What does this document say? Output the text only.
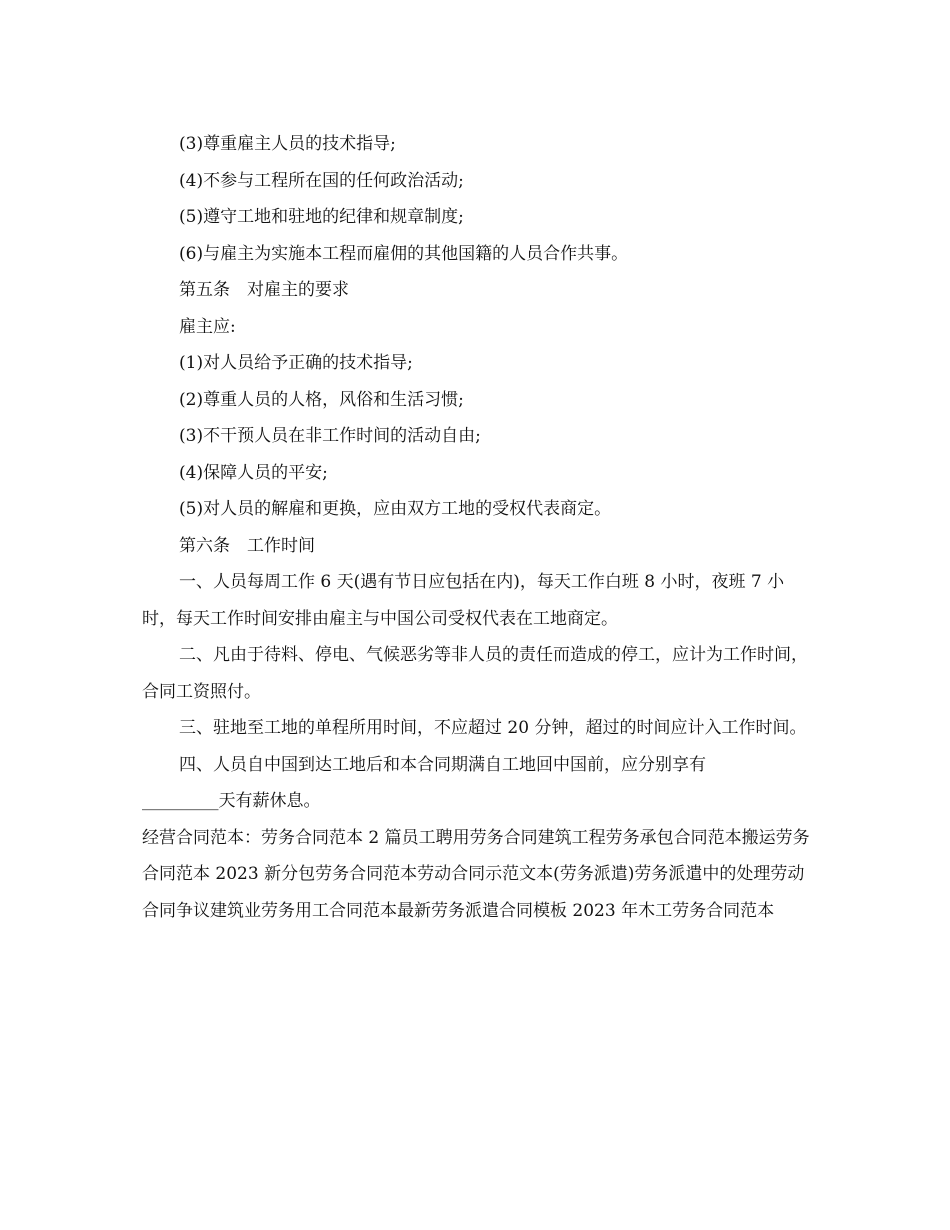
(3)尊重雇主人员的技术指导;

(4)不参与工程所在国的任何政治活动;

(5)遵守工地和驻地的纪律和规章制度;

(6)与雇主为实施本工程而雇佣的其他国籍的人员合作共事。

第五条　对雇主的要求

雇主应:

(1)对人员给予正确的技术指导;

(2)尊重人员的人格，风俗和生活习惯;

(3)不干预人员在非工作时间的活动自由;

(4)保障人员的平安;

(5)对人员的解雇和更换，应由双方工地的受权代表商定。

第六条　工作时间

一、人员每周工作 6 天(遇有节日应包括在内)，每天工作白班 8 小时，夜班 7 小时，每天工作时间安排由雇主与中国公司受权代表在工地商定。

二、凡由于待料、停电、气候恶劣等非人员的责任而造成的停工，应计为工作时间，合同工资照付。

三、驻地至工地的单程所用时间，不应超过 20 分钟，超过的时间应计入工作时间。

四、人员自中国到达工地后和本合同期满自工地回中国前，应分别享有

_________天有薪休息。

经营合同范本：劳务合同范本 2 篇员工聘用劳务合同建筑工程劳务承包合同范本搬运劳务合同范本 2023 新分包劳务合同范本劳动合同示范文本(劳务派遣)劳务派遣中的处理劳动合同争议建筑业劳务用工合同范本最新劳务派遣合同模板 2023 年木工劳务合同范本
